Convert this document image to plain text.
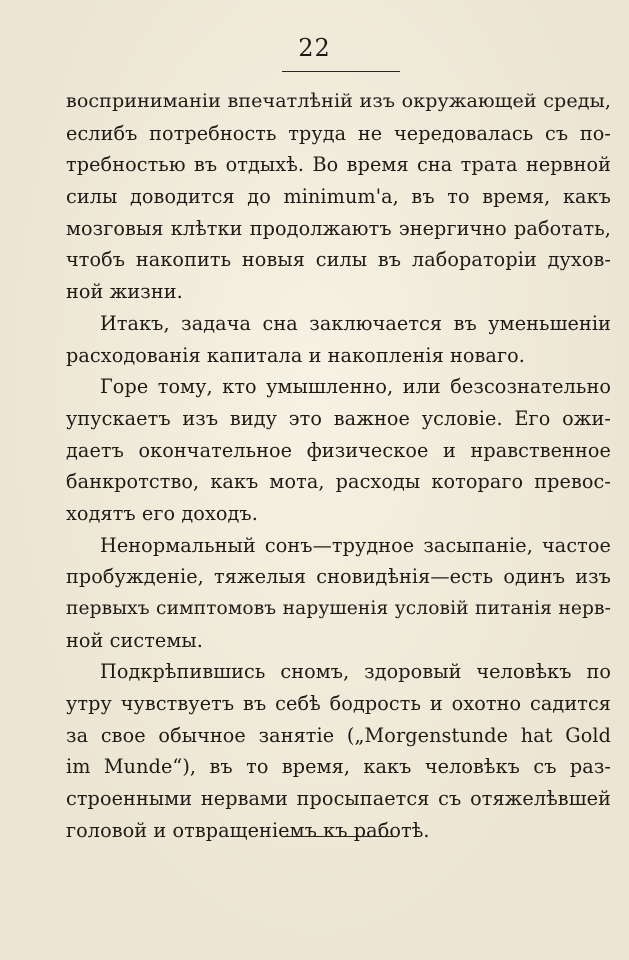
22
восприниманіи впечатлѣній изъ окружающей среды,
еслибъ потребность труда не чередовалась съ по-
требностью въ отдыхѣ. Во время сна трата нервной
силы доводится до minimum'а, въ то время, какъ
мозговыя клѣтки продолжаютъ энергично работать,
чтобъ накопить новыя силы въ лабораторіи духов-
ной жизни.
Итакъ, задача сна заключается въ уменьшеніи
расходованія капитала и накопленія новаго.
Горе тому, кто умышленно, или безсознательно
упускаетъ изъ виду это важное условіе. Его ожи-
даетъ окончательное физическое и нравственное
банкротство, какъ мота, расходы котораго превос-
ходятъ его доходъ.
Ненормальный сонъ—трудное засыпаніе, частое
пробужденіе, тяжелыя сновидѣнія—есть одинъ изъ
первыхъ симптомовъ нарушенія условій питанія нерв-
ной системы.
Подкрѣпившись сномъ, здоровый человѣкъ по
утру чувствуетъ въ себѣ бодрость и охотно садится
за свое обычное занятіе („Morgenstunde hat Gold
im Munde“), въ то время, какъ человѣкъ съ раз-
строенными нервами просыпается съ отяжелѣвшей
головой и отвращеніемъ къ работѣ.
